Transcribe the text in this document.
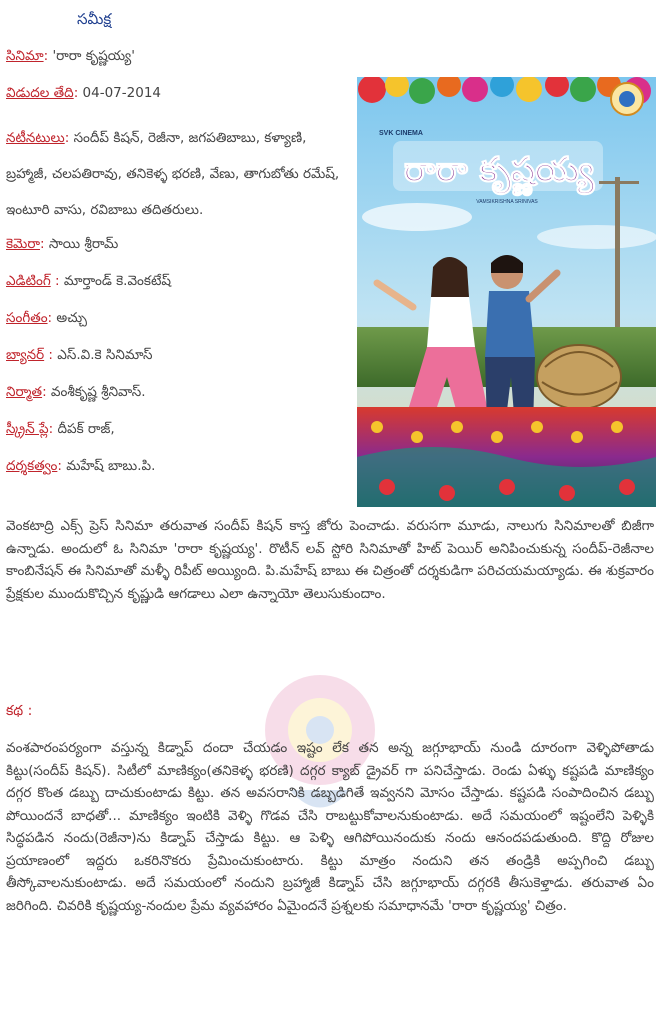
సమీక్ష
సినిమా: 'రారా కృష్ణయ్య'
విడుదల తేది: 04-07-2014
నటీనటులు: సందీప్ కిషన్, రెజీనా, జగపతిబాబు, కళ్యాణి, బ్రహ్మాజీ, చలపతిరావు, తనికెళ్ళ భరణి, వేణు, తాగుబోతు రమేష్, ఇంటూరి వాసు, రవిబాబు తదితరులు.
కెమెరా: సాయి శ్రీరామ్
ఎడిటింగ్ : మార్తాండ్ కె.వెంకటేష్
సంగీతం: అచ్చు
బ్యానర్ : ఎస్.వి.కె సినిమాస్
నిర్మాత: వంశీకృష్ణ శ్రీనివాస్.
స్క్రీన్ ప్లే: దీపక్ రాజ్,
దర్శకత్వం: మహేష్ బాబు.పి.
SVK CINEMA
రారా కృష్ణయ్య
VAMSIKRISHNA SRINIVAS
వెంకటాద్రి ఎక్స్ ప్రెస్ సినిమా తరువాత సందీప్ కిషన్ కాస్త జోరు పెంచాడు. వరుసగా మూడు, నాలుగు సినిమాలతో బిజీగా ఉన్నాడు. అందులో ఓ సినిమా 'రారా కృష్ణయ్య'. రొటీన్ లవ్ స్టోరి సినిమాతో హిట్ పెయిర్ అనిపించుకున్న సందీప్-రెజీనాల కాంబినేషన్ ఈ సినిమాతో మళ్ళీ రిపీట్ అయ్యింది. పి.మహేష్ బాబు ఈ చిత్రంతో దర్శకుడిగా పరిచయమయ్యాడు. ఈ శుక్రవారం ప్రేక్షకుల ముందుకొచ్చిన కృష్ణుడి ఆగడాలు ఎలా ఉన్నాయో తెలుసుకుందాం.
కథ :
వంశపారంపర్యంగా వస్తున్న కిడ్నాప్ దందా చేయడం ఇష్టం లేక తన అన్న జగ్గూభాయ్ నుండి దూరంగా వెళ్ళిపోతాడు కిట్టు(సందీప్ కిషన్). సిటీలో మాణిక్యం(తనికెళ్ళ భరణి) దగ్గర క్యాబ్ డ్రైవర్ గా పనిచేస్తాడు. రెండు ఏళ్ళు కష్టపడి మాణిక్యం దగ్గర కొంత డబ్బు దాచుకుంటాడు కిట్టు. తన అవసరానికి డబ్బడిగితే ఇవ్వనని మోసం చేస్తాడు. కష్టపడి సంపాదించిన డబ్బు పోయిందనే బాధతో... మాణిక్యం ఇంటికి వెళ్ళి గొడవ చేసి రాబట్టుకోవాలనుకుంటాడు. అదే సమయంలో ఇష్టంలేని పెళ్ళికి సిద్ధపడిన నందు(రెజీనా)ను కిడ్నాప్ చేస్తాడు కిట్టు. ఆ పెళ్ళి ఆగిపోయినందుకు నందు ఆనందపడుతుంది. కొద్ది రోజుల ప్రయాణంలో ఇద్దరు ఒకరినొకరు ప్రేమించుకుంటారు. కిట్టు మాత్రం నందుని తన తండ్రికి అప్పగించి డబ్బు తీస్కోవాలనుకుంటాడు. అదే సమయంలో నందుని బ్రహ్మాజీ కిడ్నాప్ చేసి జగ్గూభాయ్ దగ్గరకి తీసుకెళ్తాడు. తరువాత ఏం జరిగింది. చివరికి కృష్ణయ్య-నందుల ప్రేమ వ్యవహారం ఏమైందనే ప్రశ్నలకు సమాధానమే 'రారా కృష్ణయ్య' చిత్రం.
